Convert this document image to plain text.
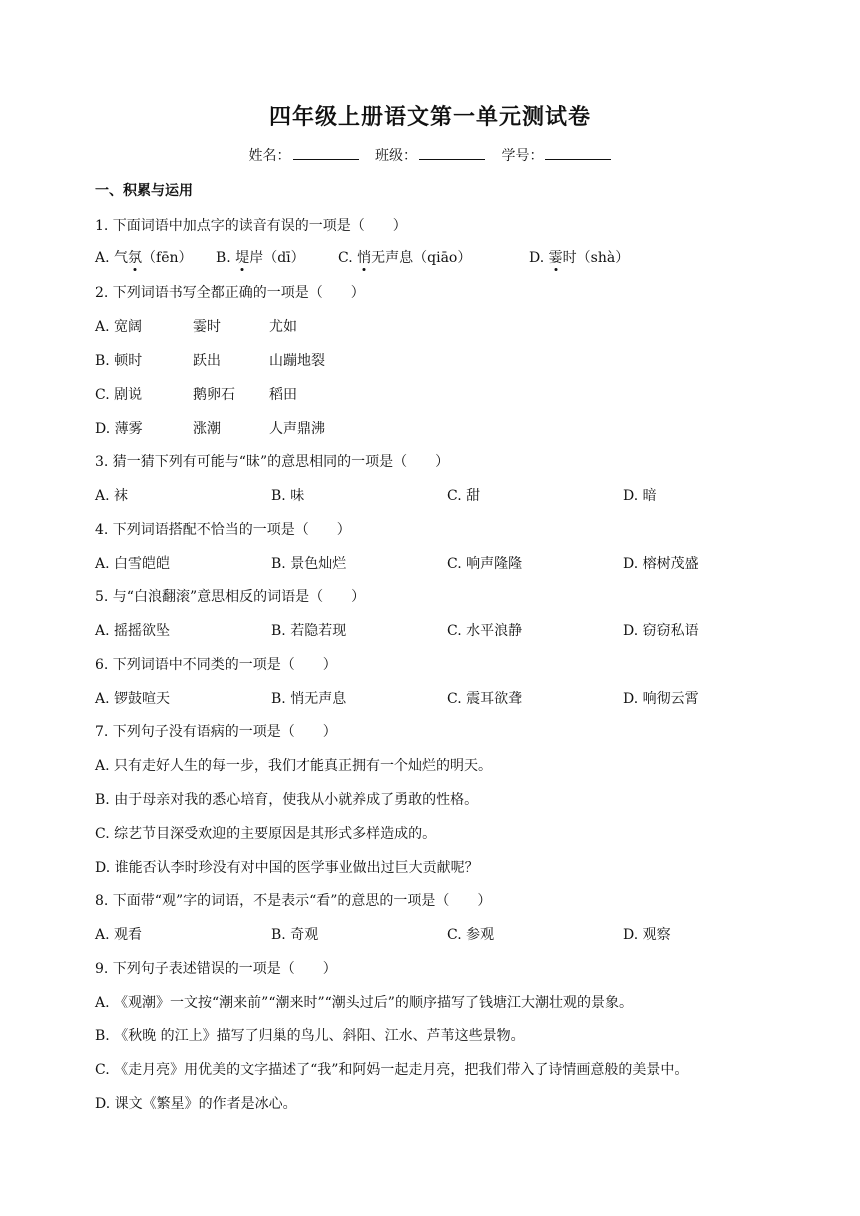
四年级上册语文第一单元测试卷
姓名：	班级：	学号：
一、积累与运用
1. 下面词语中加点字的读音有误的一项是（　　）
A. 气氛（fēn） B. 堤岸（dī） C. 悄无声息（qiāo）	D. 霎时（shà）
2. 下列词语书写全都正确的一项是（　　）
A. 宽阔	霎时	尤如
B. 顿时	跃出	山蹦地裂
C. 剧说	鹅卵石 稻田
D. 薄雾	涨潮	人声鼎沸
3. 猜一猜下列有可能与“昧”的意思相同的一项是（　　）
A. 袜	B. 味	C. 甜	D. 暗
4. 下列词语搭配不恰当的一项是（　　）
A. 白雪皑皑	B. 景色灿烂	C. 响声隆隆	D. 榕树茂盛
5. 与“白浪翻滚”意思相反的词语是（　　）
A. 摇摇欲坠	B. 若隐若现	C. 水平浪静	D. 窃窃私语
6. 下列词语中不同类的一项是（　　）
A. 锣鼓喧天	B. 悄无声息	C. 震耳欲聋	D. 响彻云霄
7. 下列句子没有语病的一项是（　　）
A. 只有走好人生的每一步，我们才能真正拥有一个灿烂的明天。
B. 由于母亲对我的悉心培育，使我从小就养成了勇敢的性格。
C. 综艺节目深受欢迎的主要原因是其形式多样造成的。
D. 谁能否认李时珍没有对中国的医学事业做出过巨大贡献呢？
8. 下面带“观”字的词语，不是表示“看”的意思的一项是（　　）
A. 观看	B. 奇观	C. 参观	D. 观察
9. 下列句子表述错误的一项是（　　）
A. 《观潮》一文按“潮来前”“潮来时”“潮头过后”的顺序描写了钱塘江大潮壮观的景象。
B. 《秋晚 的江上》描写了归巢的鸟儿、斜阳、江水、芦苇这些景物。
C. 《走月亮》用优美的文字描述了“我”和阿妈一起走月亮，把我们带入了诗情画意般的美景中。
D. 课文《繁星》的作者是冰心。
